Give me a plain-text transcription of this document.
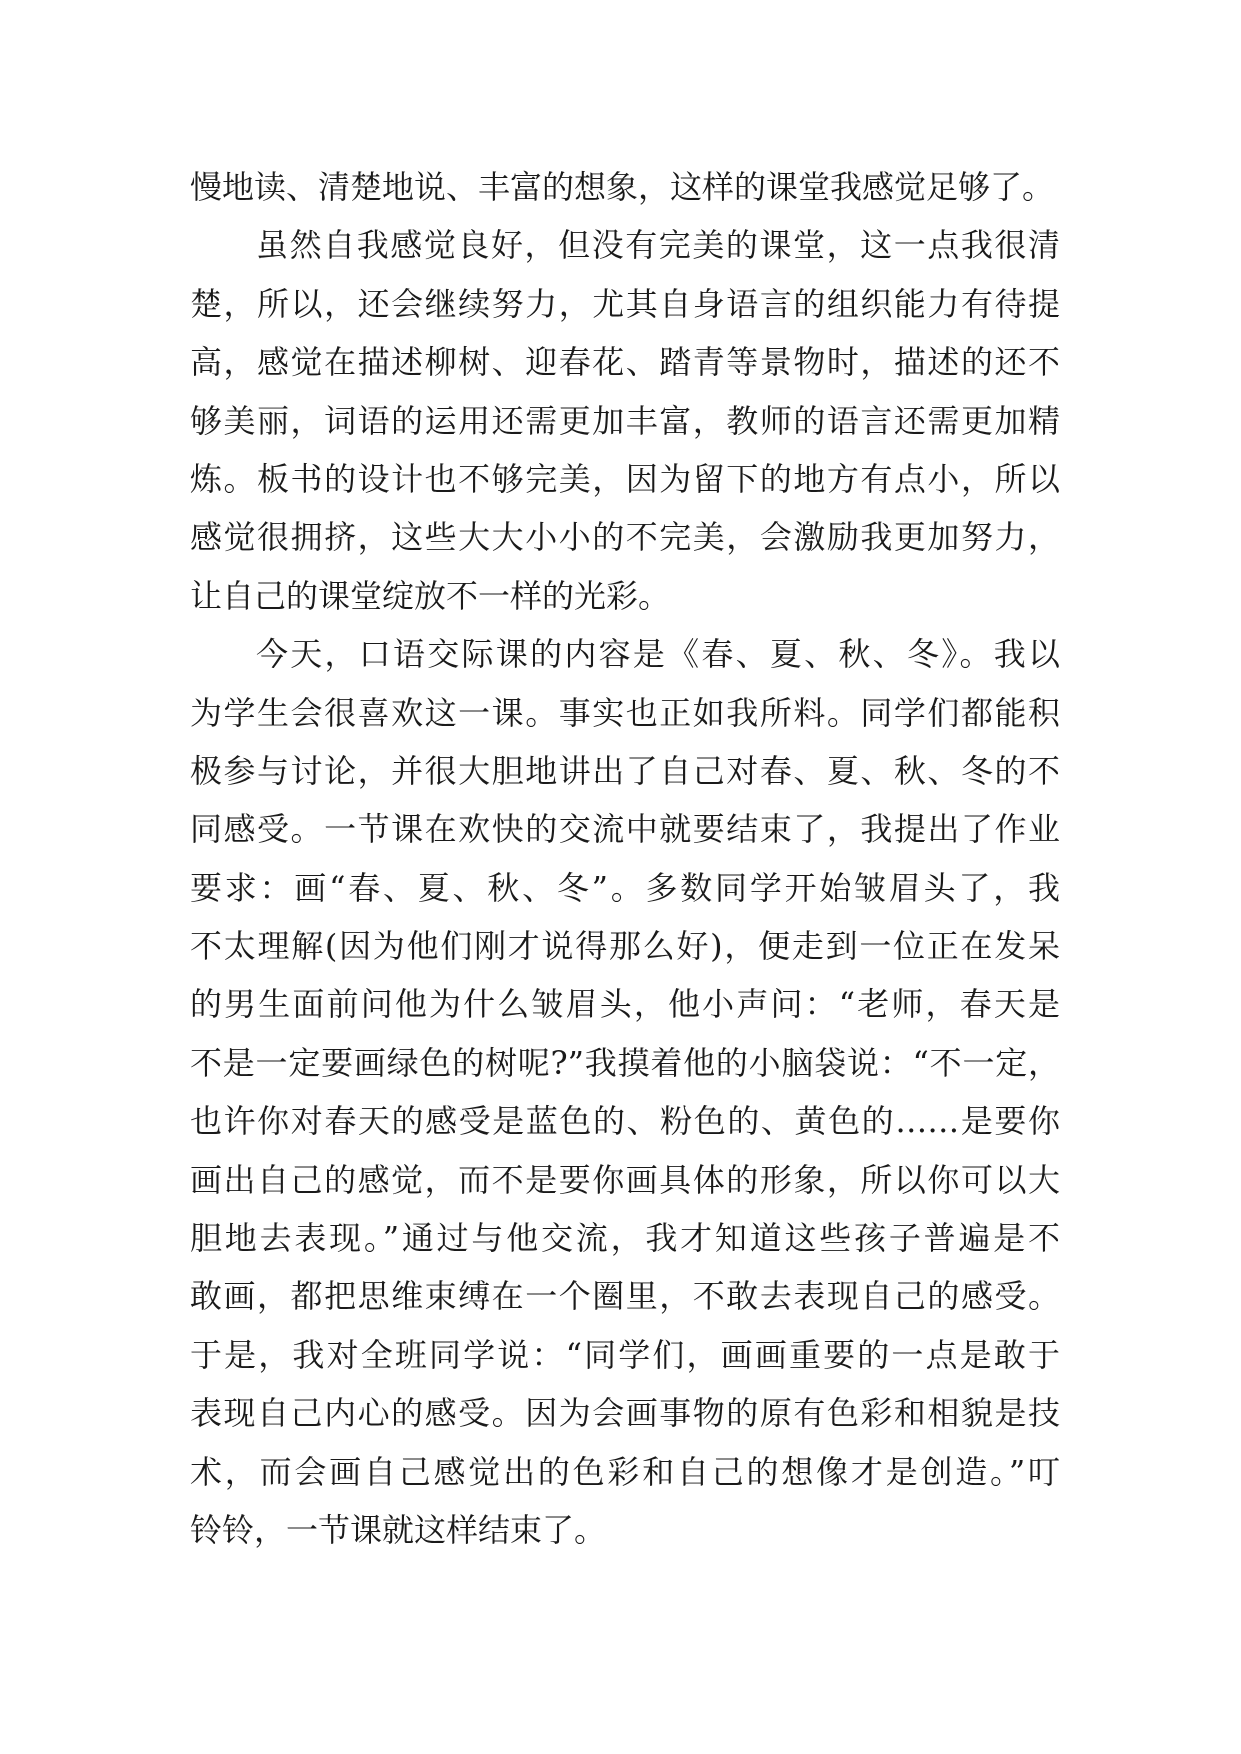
慢地读、清楚地说、丰富的想象，这样的课堂我感觉足够了。
虽然自我感觉良好，但没有完美的课堂，这一点我很清
楚，所以，还会继续努力，尤其自身语言的组织能力有待提
高，感觉在描述柳树、迎春花、踏青等景物时，描述的还不
够美丽，词语的运用还需更加丰富，教师的语言还需更加精
炼。板书的设计也不够完美，因为留下的地方有点小，所以
感觉很拥挤，这些大大小小的不完美，会激励我更加努力，
让自己的课堂绽放不一样的光彩。
今天，口语交际课的内容是《春、夏、秋、冬》。我以
为学生会很喜欢这一课。事实也正如我所料。同学们都能积
极参与讨论，并很大胆地讲出了自己对春、夏、秋、冬的不
同感受。一节课在欢快的交流中就要结束了，我提出了作业
要求：画“春、夏、秋、冬”。多数同学开始皱眉头了，我
不太理解(因为他们刚才说得那么好)，便走到一位正在发呆
的男生面前问他为什么皱眉头，他小声问：“老师，春天是
不是一定要画绿色的树呢?”我摸着他的小脑袋说：“不一定，
也许你对春天的感受是蓝色的、粉色的、黄色的……是要你
画出自己的感觉，而不是要你画具体的形象，所以你可以大
胆地去表现。”通过与他交流，我才知道这些孩子普遍是不
敢画，都把思维束缚在一个圈里，不敢去表现自己的感受。
于是，我对全班同学说：“同学们，画画重要的一点是敢于
表现自己内心的感受。因为会画事物的原有色彩和相貌是技
术，而会画自己感觉出的色彩和自己的想像才是创造。”叮
铃铃，一节课就这样结束了。
